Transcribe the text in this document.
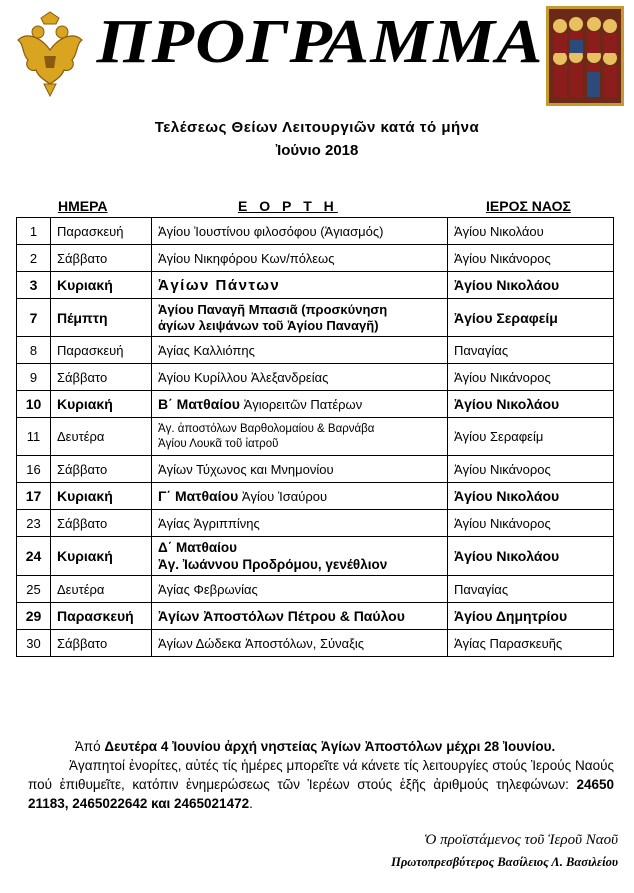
ΠΡΟΓΡΑΜΜΑ
Τελέσεως Θείων Λειτουργιῶν κατά τό μήνα
Ἰούνιο 2018
ΗΜΕΡΑ	Ε Ο Ρ Τ Η	ΙΕΡΟΣ ΝΑΟΣ
1	Παρασκευή	Ἁγίου Ἰουστίνου φιλοσόφου (Ἁγιασμός)	Ἁγίου Νικολάου
2	Σάββατο	Ἁγίου Νικηφόρου Κων/πόλεως	Ἁγίου Νικάνορος
3	Κυριακή	Ἁγίων Πάντων	Ἁγίου Νικολάου
7	Πέμπτη	Ἁγίου Παναγῆ Μπασιᾶ (προσκύνηση
ἁγίων λειψάνων τοῦ Ἁγίου Παναγῆ)	Ἁγίου Σεραφείμ
8	Παρασκευή	Ἁγίας Καλλιόπης	Παναγίας
9	Σάββατο	Ἁγίου Κυρίλλου Ἀλεξανδρείας	Ἁγίου Νικάνορος
10	Κυριακή	Β΄ Ματθαίου Ἁγιορειτῶν Πατέρων	Ἁγίου Νικολάου
11	Δευτέρα	Ἁγ. ἀποστόλων Βαρθολομαίου & Βαρνάβα
Ἁγίου Λουκᾶ τοῦ ἰατροῦ	Ἁγίου Σεραφείμ
16	Σάββατο	Ἁγίων Τύχωνος και Μνημονίου	Ἁγίου Νικάνορος
17	Κυριακή	Γ΄ Ματθαίου Ἁγίου Ἰσαύρου	Ἁγίου Νικολάου
23	Σάββατο	Ἁγίας Ἀγριππίνης	Ἁγίου Νικάνορος
24	Κυριακή	Δ΄ Ματθαίου
Ἁγ. Ἰωάννου Προδρόμου, γενέθλιον	Ἁγίου Νικολάου
25	Δευτέρα	Ἁγίας Φεβρωνίας	Παναγίας
29	Παρασκευή	Ἁγίων Ἀποστόλων Πέτρου & Παύλου	Ἁγίου Δημητρίου
30	Σάββατο	Ἁγίων Δώδεκα Ἀποστόλων, Σύναξις	Ἁγίας Παρασκευῆς
Ἀπό Δευτέρα 4 Ἰουνίου ἀρχή νηστείας Ἁγίων Ἀποστόλων μέχρι 28 Ἰουνίου.
Ἀγαπητοί ἐνορίτες, αὐτές τίς ἡμέρες μπορεῖτε νά κάνετε τίς λειτουργίες στούς Ἱερούς Ναούς πού ἐπιθυμεῖτε, κατόπιν ἐνημερώσεως τῶν Ἱερέων στούς ἑξῆς ἀριθμούς τηλεφώνων: 24650 21183, 2465022642 και 2465021472.
Ὁ προϊστάμενος τοῦ Ἱεροῦ Ναοῦ
Πρωτοπρεσβύτερος Βασίλειος Λ. Βασιλείου
